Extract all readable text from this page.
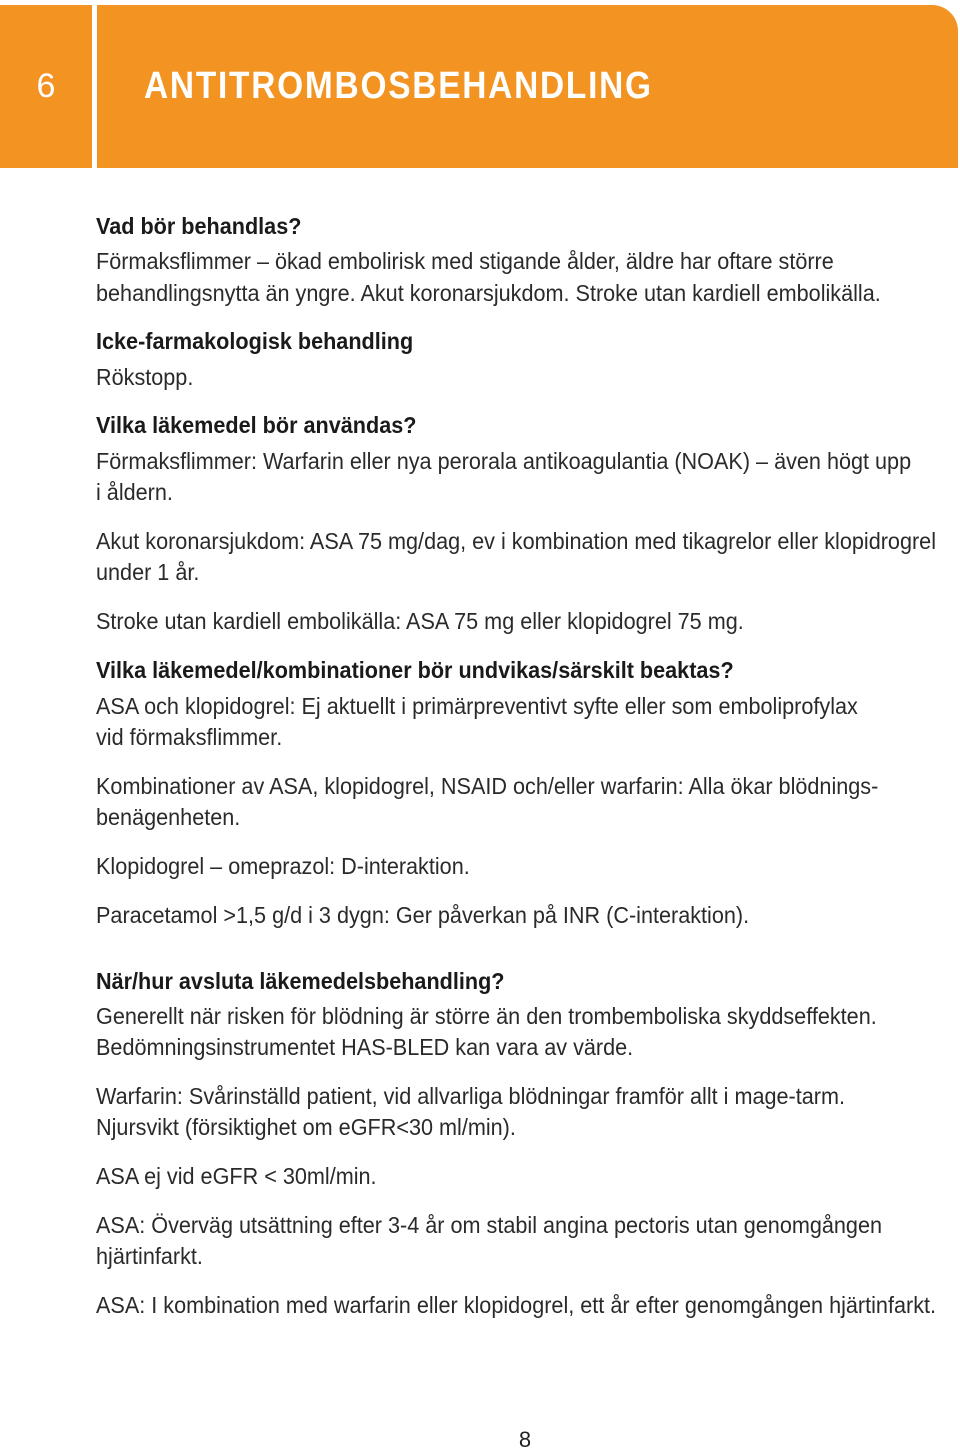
6	ANTITROMBOSBEHANDLING
Vad bör behandlas?
Förmaksflimmer – ökad embolirisk med stigande ålder, äldre har oftare större
behandlingsnytta än yngre. Akut koronarsjukdom. Stroke utan kardiell embolikälla.
Icke-farmakologisk behandling
Rökstopp.
Vilka läkemedel bör användas?
Förmaksflimmer: Warfarin eller nya perorala antikoagulantia (NOAK) – även högt upp
i åldern.
Akut koronarsjukdom: ASA 75 mg/dag, ev i kombination med tikagrelor eller klopidrogrel
under 1 år.
Stroke utan kardiell embolikälla: ASA 75 mg eller klopidogrel 75 mg.
Vilka läkemedel/kombinationer bör undvikas/särskilt beaktas?
ASA och klopidogrel: Ej aktuellt i primärpreventivt syfte eller som emboliprofylax
vid förmaksflimmer.
Kombinationer av ASA, klopidogrel, NSAID och/eller warfarin: Alla ökar blödnings-
benägenheten.
Klopidogrel – omeprazol: D-interaktion.
Paracetamol >1,5 g/d i 3 dygn: Ger påverkan på INR (C-interaktion).
När/hur avsluta läkemedelsbehandling?
Generellt när risken för blödning är större än den trombemboliska skyddseffekten.
Bedömningsinstrumentet HAS-BLED kan vara av värde.
Warfarin: Svårinställd patient, vid allvarliga blödningar framför allt i mage-tarm.
Njursvikt (försiktighet om eGFR<30 ml/min).
ASA ej vid eGFR < 30ml/min.
ASA: Överväg utsättning efter 3-4 år om stabil angina pectoris utan genomgången
hjärtinfarkt.
ASA: I kombination med warfarin eller klopidogrel, ett år efter genomgången hjärtinfarkt.
8
